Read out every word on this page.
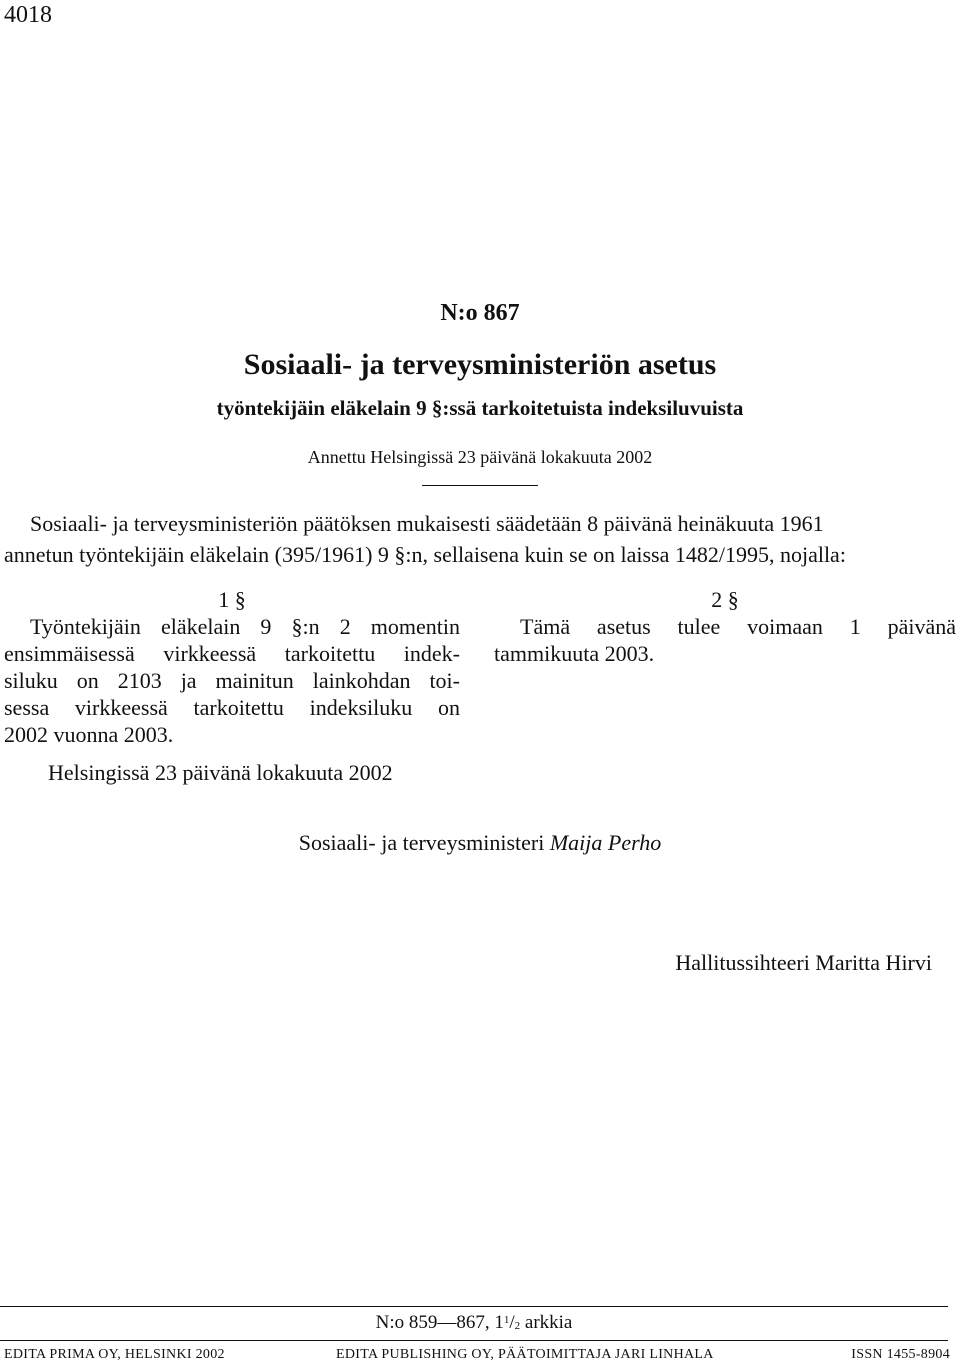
4018
N:o 867
Sosiaali- ja terveysministeriön asetus
työntekijäin eläkelain 9 §:ssä tarkoitetuista indeksiluvuista
Annettu Helsingissä 23 päivänä lokakuuta 2002
Sosiaali- ja terveysministeriön päätöksen mukaisesti säädetään 8 päivänä heinäkuuta 1961
annetun työntekijäin eläkelain (395/1961) 9 §:n, sellaisena kuin se on laissa 1482/1995, nojalla:
1 §
Työntekijäin eläkelain 9 §:n 2 momentin
ensimmäisessä virkkeessä tarkoitettu indek-
siluku on 2103 ja mainitun lainkohdan toi-
sessa virkkeessä tarkoitettu indeksiluku on
2002 vuonna 2003.
2 §
Tämä asetus tulee voimaan 1 päivänä
tammikuuta 2003.
Helsingissä 23 päivänä lokakuuta 2002
Sosiaali- ja terveysministeri Maija Perho
Hallitussihteeri Maritta Hirvi
N:o 859—867, $1^1/_2$ arkkia
EDITA PRIMA OY, HELSINKI 2002	EDITA PUBLISHING OY, PÄÄTOIMITTAJA JARI LINHALA	ISSN 1455-8904
